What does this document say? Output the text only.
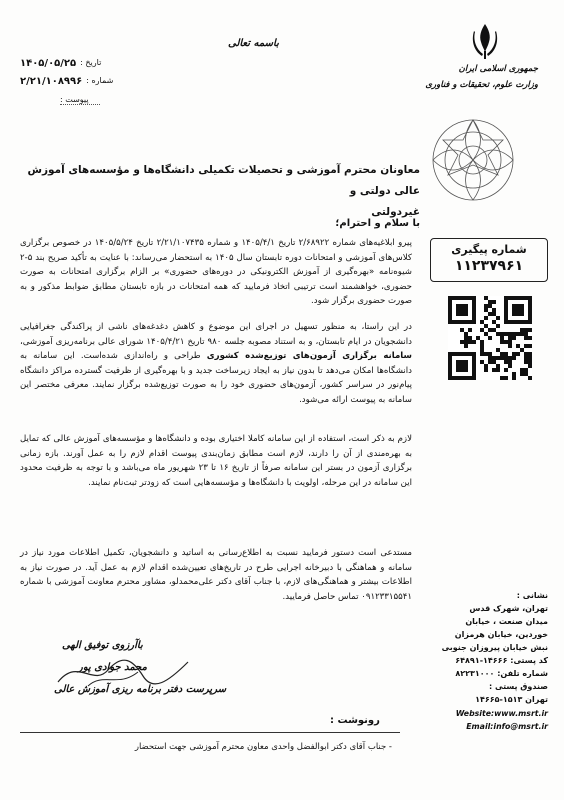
باسمه تعالی
تاریخ :
۱۴۰۵/۰۵/۲۵
شماره :
۲/۲۱/۱۰۸۹۹۶
پیوست :
جمهوری اسلامی ایران
وزارت علوم، تحقیقات و فناوری
معاونان محترم آموزشی و تحصیلات تکمیلی دانشگاه‌ها و مؤسسه‌های آموزش عالی دولتی و
غیردولتی
با سلام و احترام؛
پیرو ابلاغیه‌های شماره ۲/۶۸۹۲۲ تاریخ ۱۴۰۵/۴/۱ و شماره ۲/۲۱/۱۰۷۴۳۵ تاریخ ۱۴۰۵/۵/۲۴ در خصوص برگزاری کلاس‌های آموزشی و امتحانات دوره تابستان سال ۱۴۰۵ به استحضار می‌رساند: با عنایت به تأکید صریح بند ۵-۲ شیوه‌نامه «بهره‌گیری از آموزش الکترونیکی در دوره‌های حضوری» بر الزام برگزاری امتحانات به صورت حضوری، خواهشمند است ترتیبی اتخاذ فرمایید که همه امتحانات در بازه تابستان مطابق ضوابط مذکور و به صورت حضوری برگزار شود.
در این راستا، به منظور تسهیل در اجرای این موضوع و کاهش دغدغه‌های ناشی از پراکندگی جغرافیایی دانشجویان در ایام تابستان، و به استناد مصوبه جلسه ۹۸۰ تاریخ ۱۴۰۵/۴/۲۱ شورای عالی برنامه‌ریزی آموزشی، سامانه برگزاری آزمون‌های توزیع‌شده کشوری طراحی و راه‌اندازی شده‌است. این سامانه به دانشگاه‌ها امکان می‌دهد تا بدون نیاز به ایجاد زیرساخت جدید و با بهره‌گیری از ظرفیت گسترده مراکز دانشگاه پیام‌نور در سراسر کشور، آزمون‌های حضوری خود را به صورت توزیع‌شده برگزار نمایند. معرفی مختصر این سامانه به پیوست ارائه می‌شود.
لازم به ذکر است، استفاده از این سامانه کاملا اختیاری بوده و دانشگاه‌ها و مؤسسه‌های آموزش عالی که تمایل به بهره‌مندی از آن را دارند، لازم است مطابق زمان‌بندی پیوست اقدام لازم را به عمل آورند. بازه زمانی برگزاری آزمون در بستر این سامانه صرفاً از تاریخ ۱۶ تا ۲۳ شهریور ماه می‌باشد و با توجه به ظرفیت محدود این سامانه در این مرحله، اولویت با دانشگاه‌ها و مؤسسه‌هایی است که زودتر ثبت‌نام نمایند.
مستدعی است دستور فرمایید نسبت به اطلاع‌رسانی به اساتید و دانشجویان، تکمیل اطلاعات مورد نیاز در سامانه و هماهنگی با دبیرخانه اجرایی طرح در تاریخ‌های تعیین‌شده اقدام لازم به عمل آید. در صورت نیاز به اطلاعات بیشتر و هماهنگی‌های لازم، با جناب آقای دکتر علی‌محمدلو، مشاور محترم معاونت آموزشی با شماره ۰۹۱۲۳۳۱۵۵۴۱ تماس حاصل فرمایید.
شماره پیگیری
۱۱۲۳۷۹۶۱
نشانی :
تهران، شهرک قدس
میدان صنعت ، خیابان
خوردین، خیابان هرمزان
نبش خیابان پیروزان جنوبی
کد پستی: ۱۴۶۶۶-۶۴۸۹۱
شماره تلفن: ۸۲۲۳۱۰۰۰
صندوق پستی :
تهران ۱۵۱۳-۱۴۶۶۵
Website:www.msrt.ir
Email:info@msrt.ir
باآرزوی توفیق الهی
محمد جوادی پور
سرپرست دفتر برنامه ریزی آموزش عالی
رونوشت :
- جناب آقای دکتر ابوالفضل واحدی معاون محترم آموزشی جهت استحضار
